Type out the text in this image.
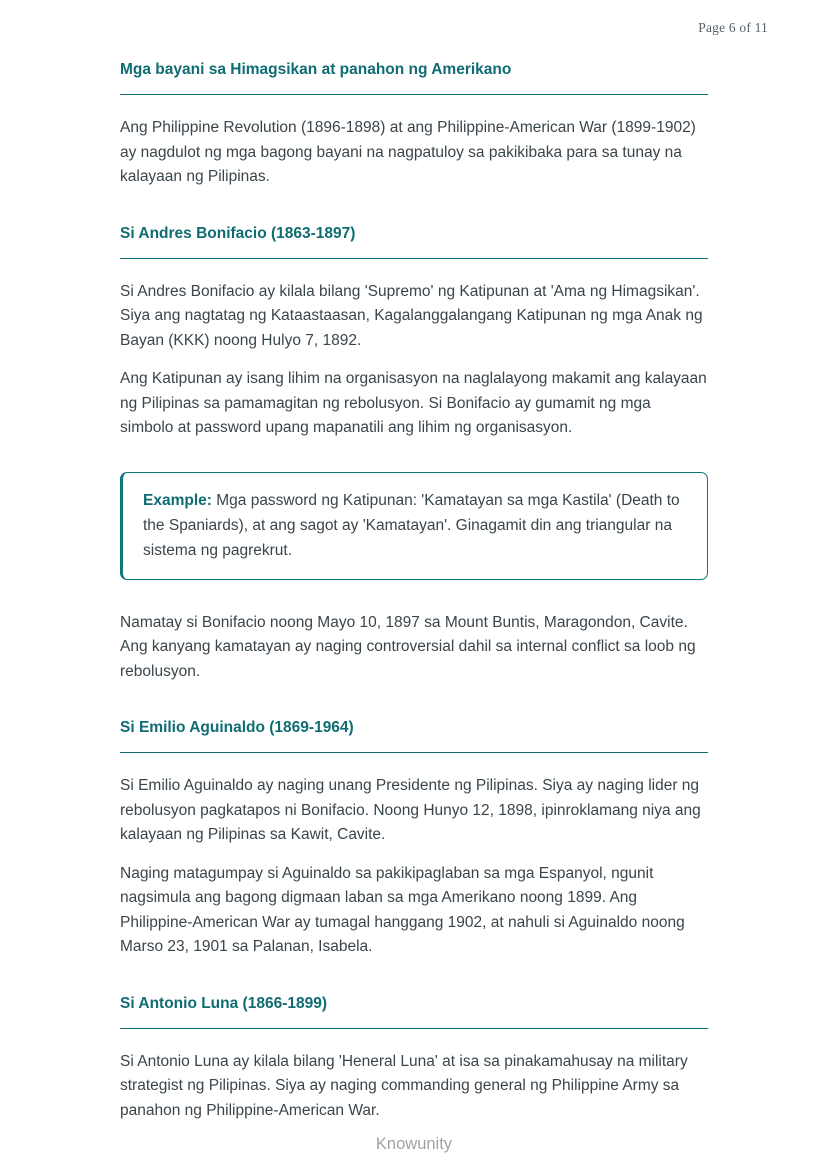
Page 6 of 11
Mga bayani sa Himagsikan at panahon ng Amerikano

Ang Philippine Revolution (1896-1898) at ang Philippine-American War (1899-1902) ay nagdulot ng mga bagong bayani na nagpatuloy sa pakikibaka para sa tunay na kalayaan ng Pilipinas.

Si Andres Bonifacio (1863-1897)

Si Andres Bonifacio ay kilala bilang 'Supremo' ng Katipunan at 'Ama ng Himagsikan'. Siya ang nagtatag ng Kataastaasan, Kagalanggalangang Katipunan ng mga Anak ng Bayan (KKK) noong Hulyo 7, 1892.

Ang Katipunan ay isang lihim na organisasyon na naglalayong makamit ang kalayaan ng Pilipinas sa pamamagitan ng rebolusyon. Si Bonifacio ay gumamit ng mga simbolo at password upang mapanatili ang lihim ng organisasyon.

Example: Mga password ng Katipunan: 'Kamatayan sa mga Kastila' (Death to the Spaniards), at ang sagot ay 'Kamatayan'. Ginagamit din ang triangular na sistema ng pagrekrut.

Namatay si Bonifacio noong Mayo 10, 1897 sa Mount Buntis, Maragondon, Cavite. Ang kanyang kamatayan ay naging controversial dahil sa internal conflict sa loob ng rebolusyon.

Si Emilio Aguinaldo (1869-1964)

Si Emilio Aguinaldo ay naging unang Presidente ng Pilipinas. Siya ay naging lider ng rebolusyon pagkatapos ni Bonifacio. Noong Hunyo 12, 1898, ipinroklamang niya ang kalayaan ng Pilipinas sa Kawit, Cavite.

Naging matagumpay si Aguinaldo sa pakikipaglaban sa mga Espanyol, ngunit nagsimula ang bagong digmaan laban sa mga Amerikano noong 1899. Ang Philippine-American War ay tumagal hanggang 1902, at nahuli si Aguinaldo noong Marso 23, 1901 sa Palanan, Isabela.

Si Antonio Luna (1866-1899)

Si Antonio Luna ay kilala bilang 'Heneral Luna' at isa sa pinakamahusay na military strategist ng Pilipinas. Siya ay naging commanding general ng Philippine Army sa panahon ng Philippine-American War.

Knowunity
